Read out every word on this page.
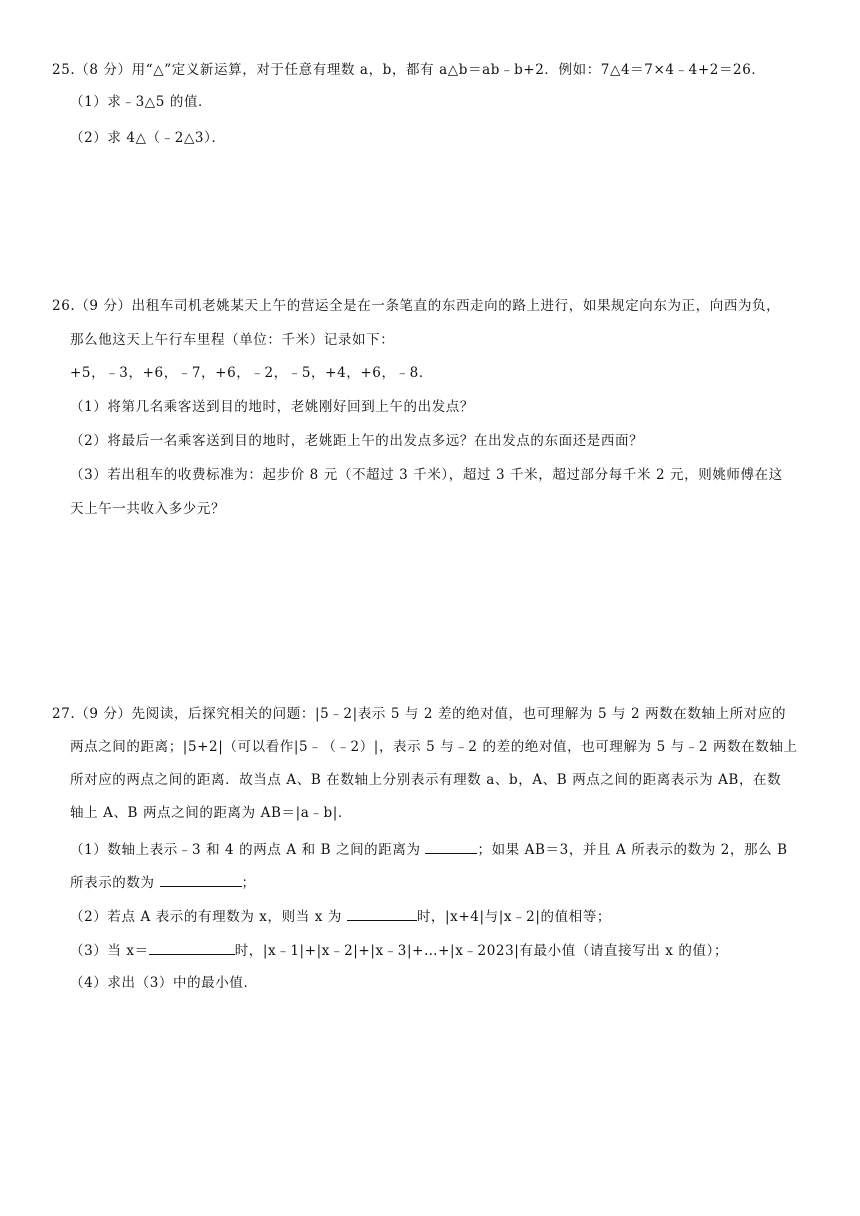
25.（8 分）用“△”定义新运算，对于任意有理数 a，b，都有 a△b＝ab﹣b+2．例如：7△4＝7×4﹣4+2＝26．
（1）求﹣3△5 的值．
（2）求 4△（﹣2△3）．
26.（9 分）出租车司机老姚某天上午的营运全是在一条笔直的东西走向的路上进行，如果规定向东为正，向西为负，
那么他这天上午行车里程（单位：千米）记录如下：
+5，﹣3，+6，﹣7，+6，﹣2，﹣5，+4，+6，﹣8．
（1）将第几名乘客送到目的地时，老姚刚好回到上午的出发点？
（2）将最后一名乘客送到目的地时，老姚距上午的出发点多远？在出发点的东面还是西面？
（3）若出租车的收费标准为：起步价 8 元（不超过 3 千米），超过 3 千米，超过部分每千米 2 元，则姚师傅在这
天上午一共收入多少元？
27.（9 分）先阅读，后探究相关的问题：|5﹣2|表示 5 与 2 差的绝对值，也可理解为 5 与 2 两数在数轴上所对应的
两点之间的距离；|5+2|（可以看作|5﹣（﹣2）|，表示 5 与﹣2 的差的绝对值，也可理解为 5 与﹣2 两数在数轴上
所对应的两点之间的距离．故当点 A、B 在数轴上分别表示有理数 a、b，A、B 两点之间的距离表示为 AB，在数
轴上 A、B 两点之间的距离为 AB＝|a﹣b|．
（1）数轴上表示﹣3 和 4 的两点 A 和 B 之间的距离为	；如果 AB＝3，并且 A 所表示的数为 2，那么 B
所表示的数为	；
（2）若点 A 表示的有理数为 x，则当 x 为	时，|x+4|与|x﹣2|的值相等；
（3）当 x＝	时，|x﹣1|+|x﹣2|+|x﹣3|+…+|x﹣2023|有最小值（请直接写出 x 的值）；
（4）求出（3）中的最小值．
